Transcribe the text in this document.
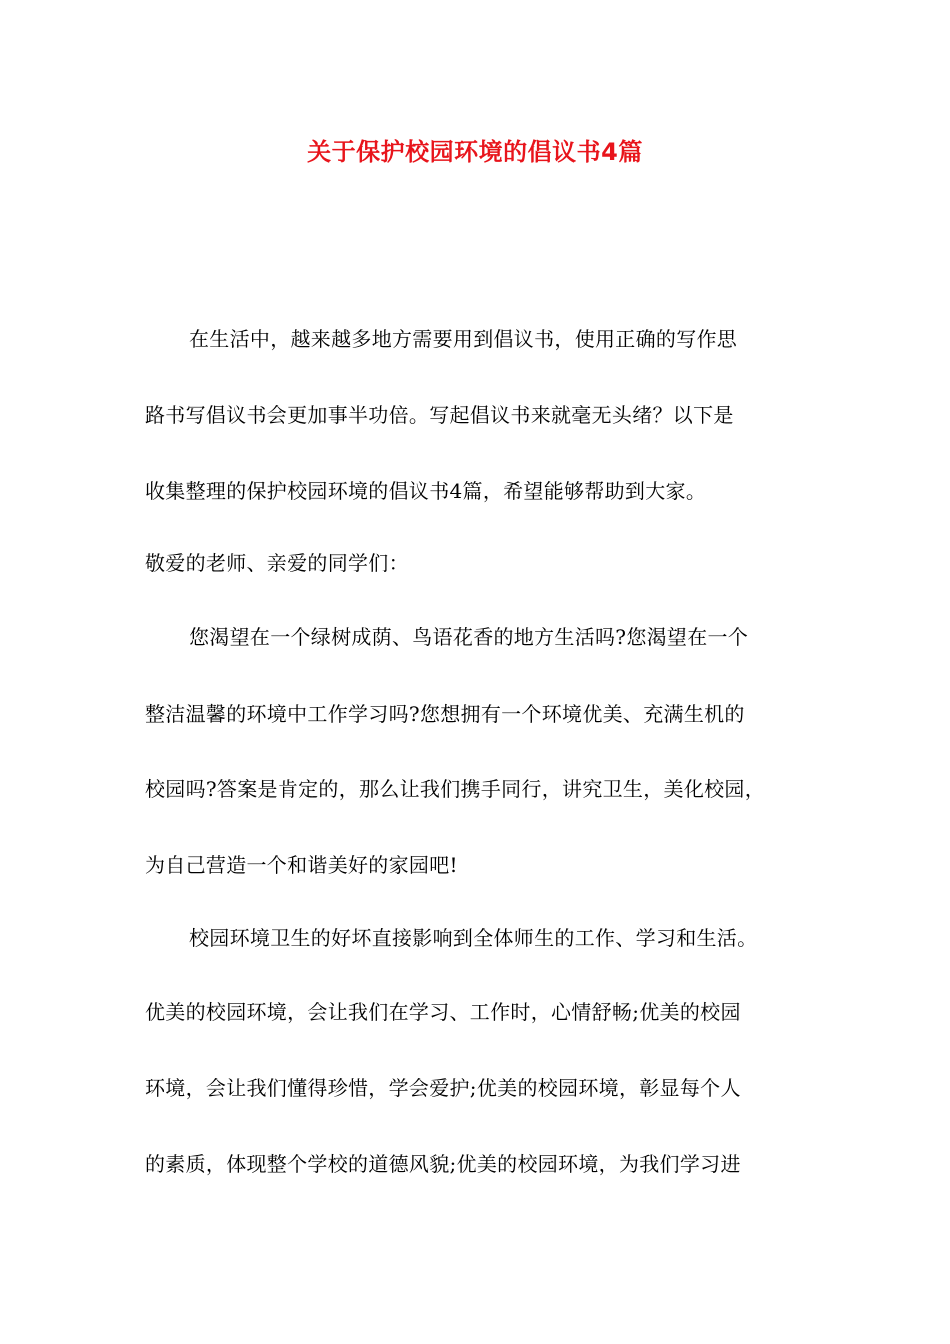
关于保护校园环境的倡议书4篇
在生活中，越来越多地方需要用到倡议书，使用正确的写作思
路书写倡议书会更加事半功倍。写起倡议书来就毫无头绪？以下是
收集整理的保护校园环境的倡议书4篇，希望能够帮助到大家。
敬爱的老师、亲爱的同学们：
您渴望在一个绿树成荫、鸟语花香的地方生活吗?您渴望在一个
整洁温馨的环境中工作学习吗?您想拥有一个环境优美、充满生机的
校园吗?答案是肯定的，那么让我们携手同行，讲究卫生，美化校园，
为自己营造一个和谐美好的家园吧!
校园环境卫生的好坏直接影响到全体师生的工作、学习和生活。
优美的校园环境，会让我们在学习、工作时，心情舒畅;优美的校园
环境，会让我们懂得珍惜，学会爱护;优美的校园环境，彰显每个人
的素质，体现整个学校的道德风貌;优美的校园环境，为我们学习进
